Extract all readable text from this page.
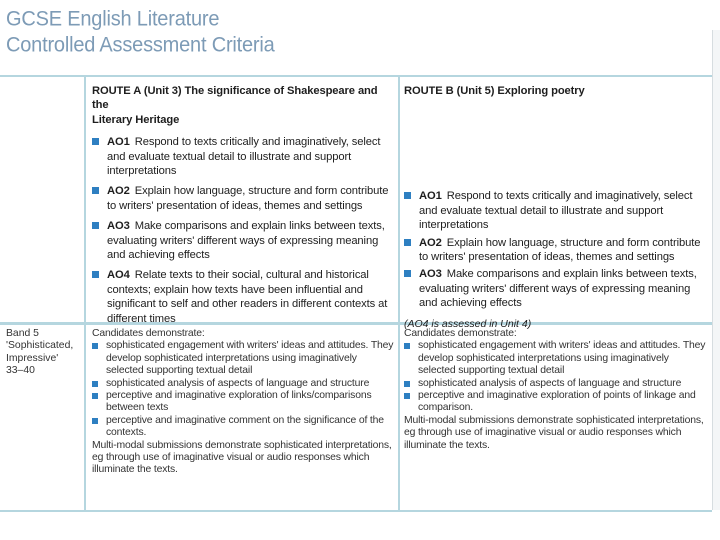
GCSE English Literature
Controlled Assessment Criteria
ROUTE A (Unit 3) The significance of Shakespeare and the
Literary Heritage
AO1 Respond to texts critically and imaginatively, select and evaluate textual detail to illustrate and support interpretations
AO2 Explain how language, structure and form contribute to writers' presentation of ideas, themes and settings
AO3 Make comparisons and explain links between texts, evaluating writers' different ways of expressing meaning and achieving effects
AO4 Relate texts to their social, cultural and historical contexts; explain how texts have been influential and significant to self and other readers in different contexts at different times
ROUTE B (Unit 5) Exploring poetry
AO1 Respond to texts critically and imaginatively, select and evaluate textual detail to illustrate and support interpretations
AO2 Explain how language, structure and form contribute to writers' presentation of ideas, themes and settings
AO3 Make comparisons and explain links between texts, evaluating writers' different ways of expressing meaning and achieving effects
(AO4 is assessed in Unit 4)
Band 5
'Sophisticated,
Impressive'
33–40
Candidates demonstrate:
sophisticated engagement with writers' ideas and attitudes. They develop sophisticated interpretations using imaginatively selected supporting textual detail
sophisticated analysis of aspects of language and structure
perceptive and imaginative exploration of links/comparisons between texts
perceptive and imaginative comment on the significance of the contexts.
Multi-modal submissions demonstrate sophisticated interpretations, eg through use of imaginative visual or audio responses which illuminate the texts.
Candidates demonstrate:
sophisticated engagement with writers' ideas and attitudes. They develop sophisticated interpretations using imaginatively selected supporting textual detail
sophisticated analysis of aspects of language and structure
perceptive and imaginative exploration of points of linkage and comparison.
Multi-modal submissions demonstrate sophisticated interpretations, eg through use of imaginative visual or audio responses which illuminate the texts.
